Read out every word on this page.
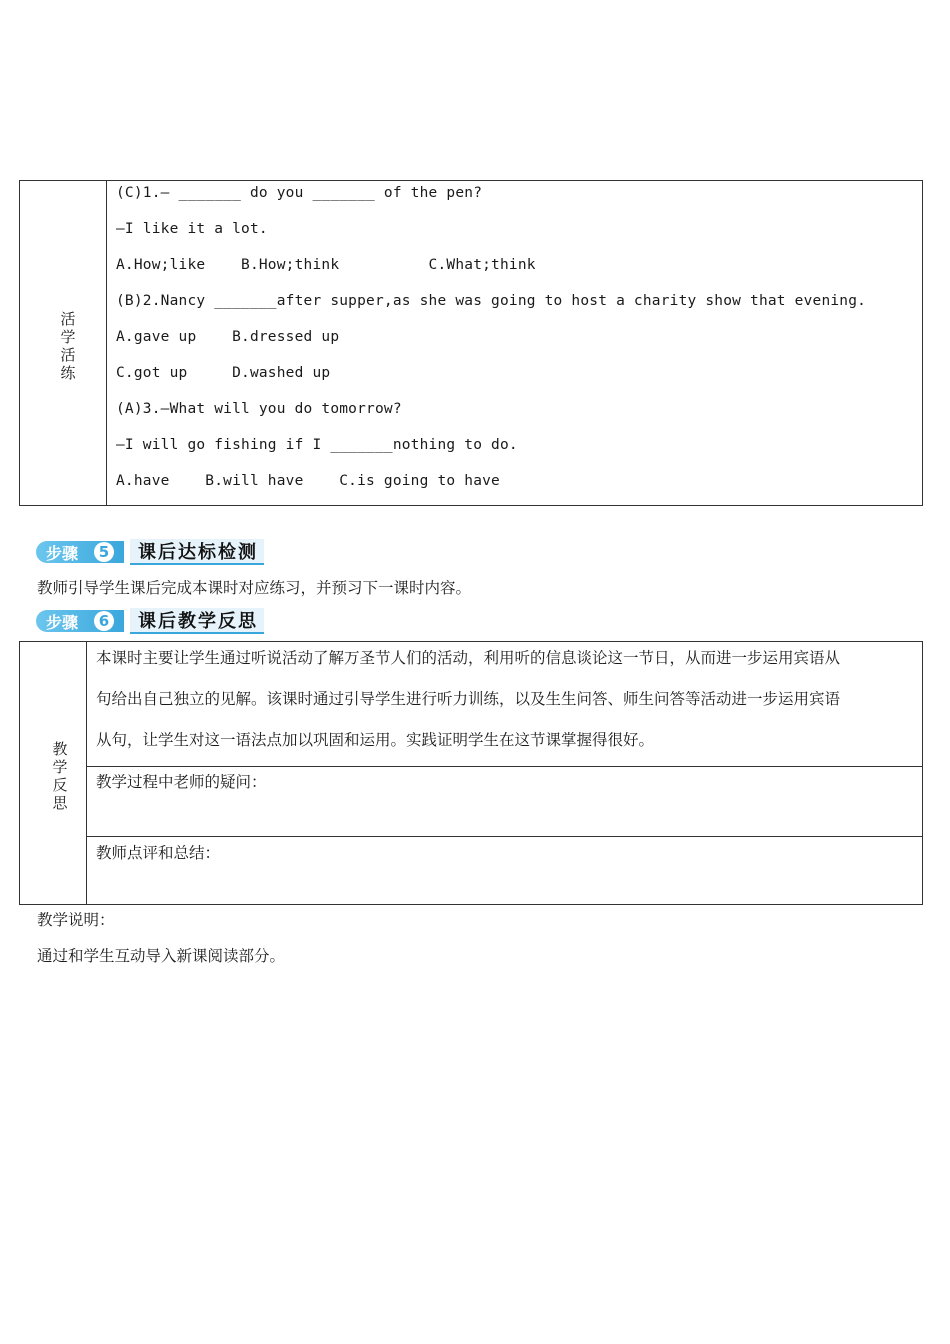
活学活练
(C)1.— _______ do you _______ of the pen?
—I like it a lot.
A.How;like    B.How;think          C.What;think
(B)2.Nancy _______after supper,as she was going to host a charity show that evening.
A.gave up    B.dressed up
C.got up     D.washed up
(A)3.—What will you do tomorrow?
—I will go fishing if I _______nothing to do.
A.have    B.will have    C.is going to have
步骤	5	课后达标检测
教师引导学生课后完成本课时对应练习，并预习下一课时内容。
步骤	6	课后教学反思
教学反思
本课时主要让学生通过听说活动了解万圣节人们的活动，利用听的信息谈论这一节日，从而进一步运用宾语从
句给出自己独立的见解。该课时通过引导学生进行听力训练，以及生生问答、师生问答等活动进一步运用宾语
从句，让学生对这一语法点加以巩固和运用。实践证明学生在这节课掌握得很好。
教学过程中老师的疑问：
教师点评和总结：
教学说明：
通过和学生互动导入新课阅读部分。
